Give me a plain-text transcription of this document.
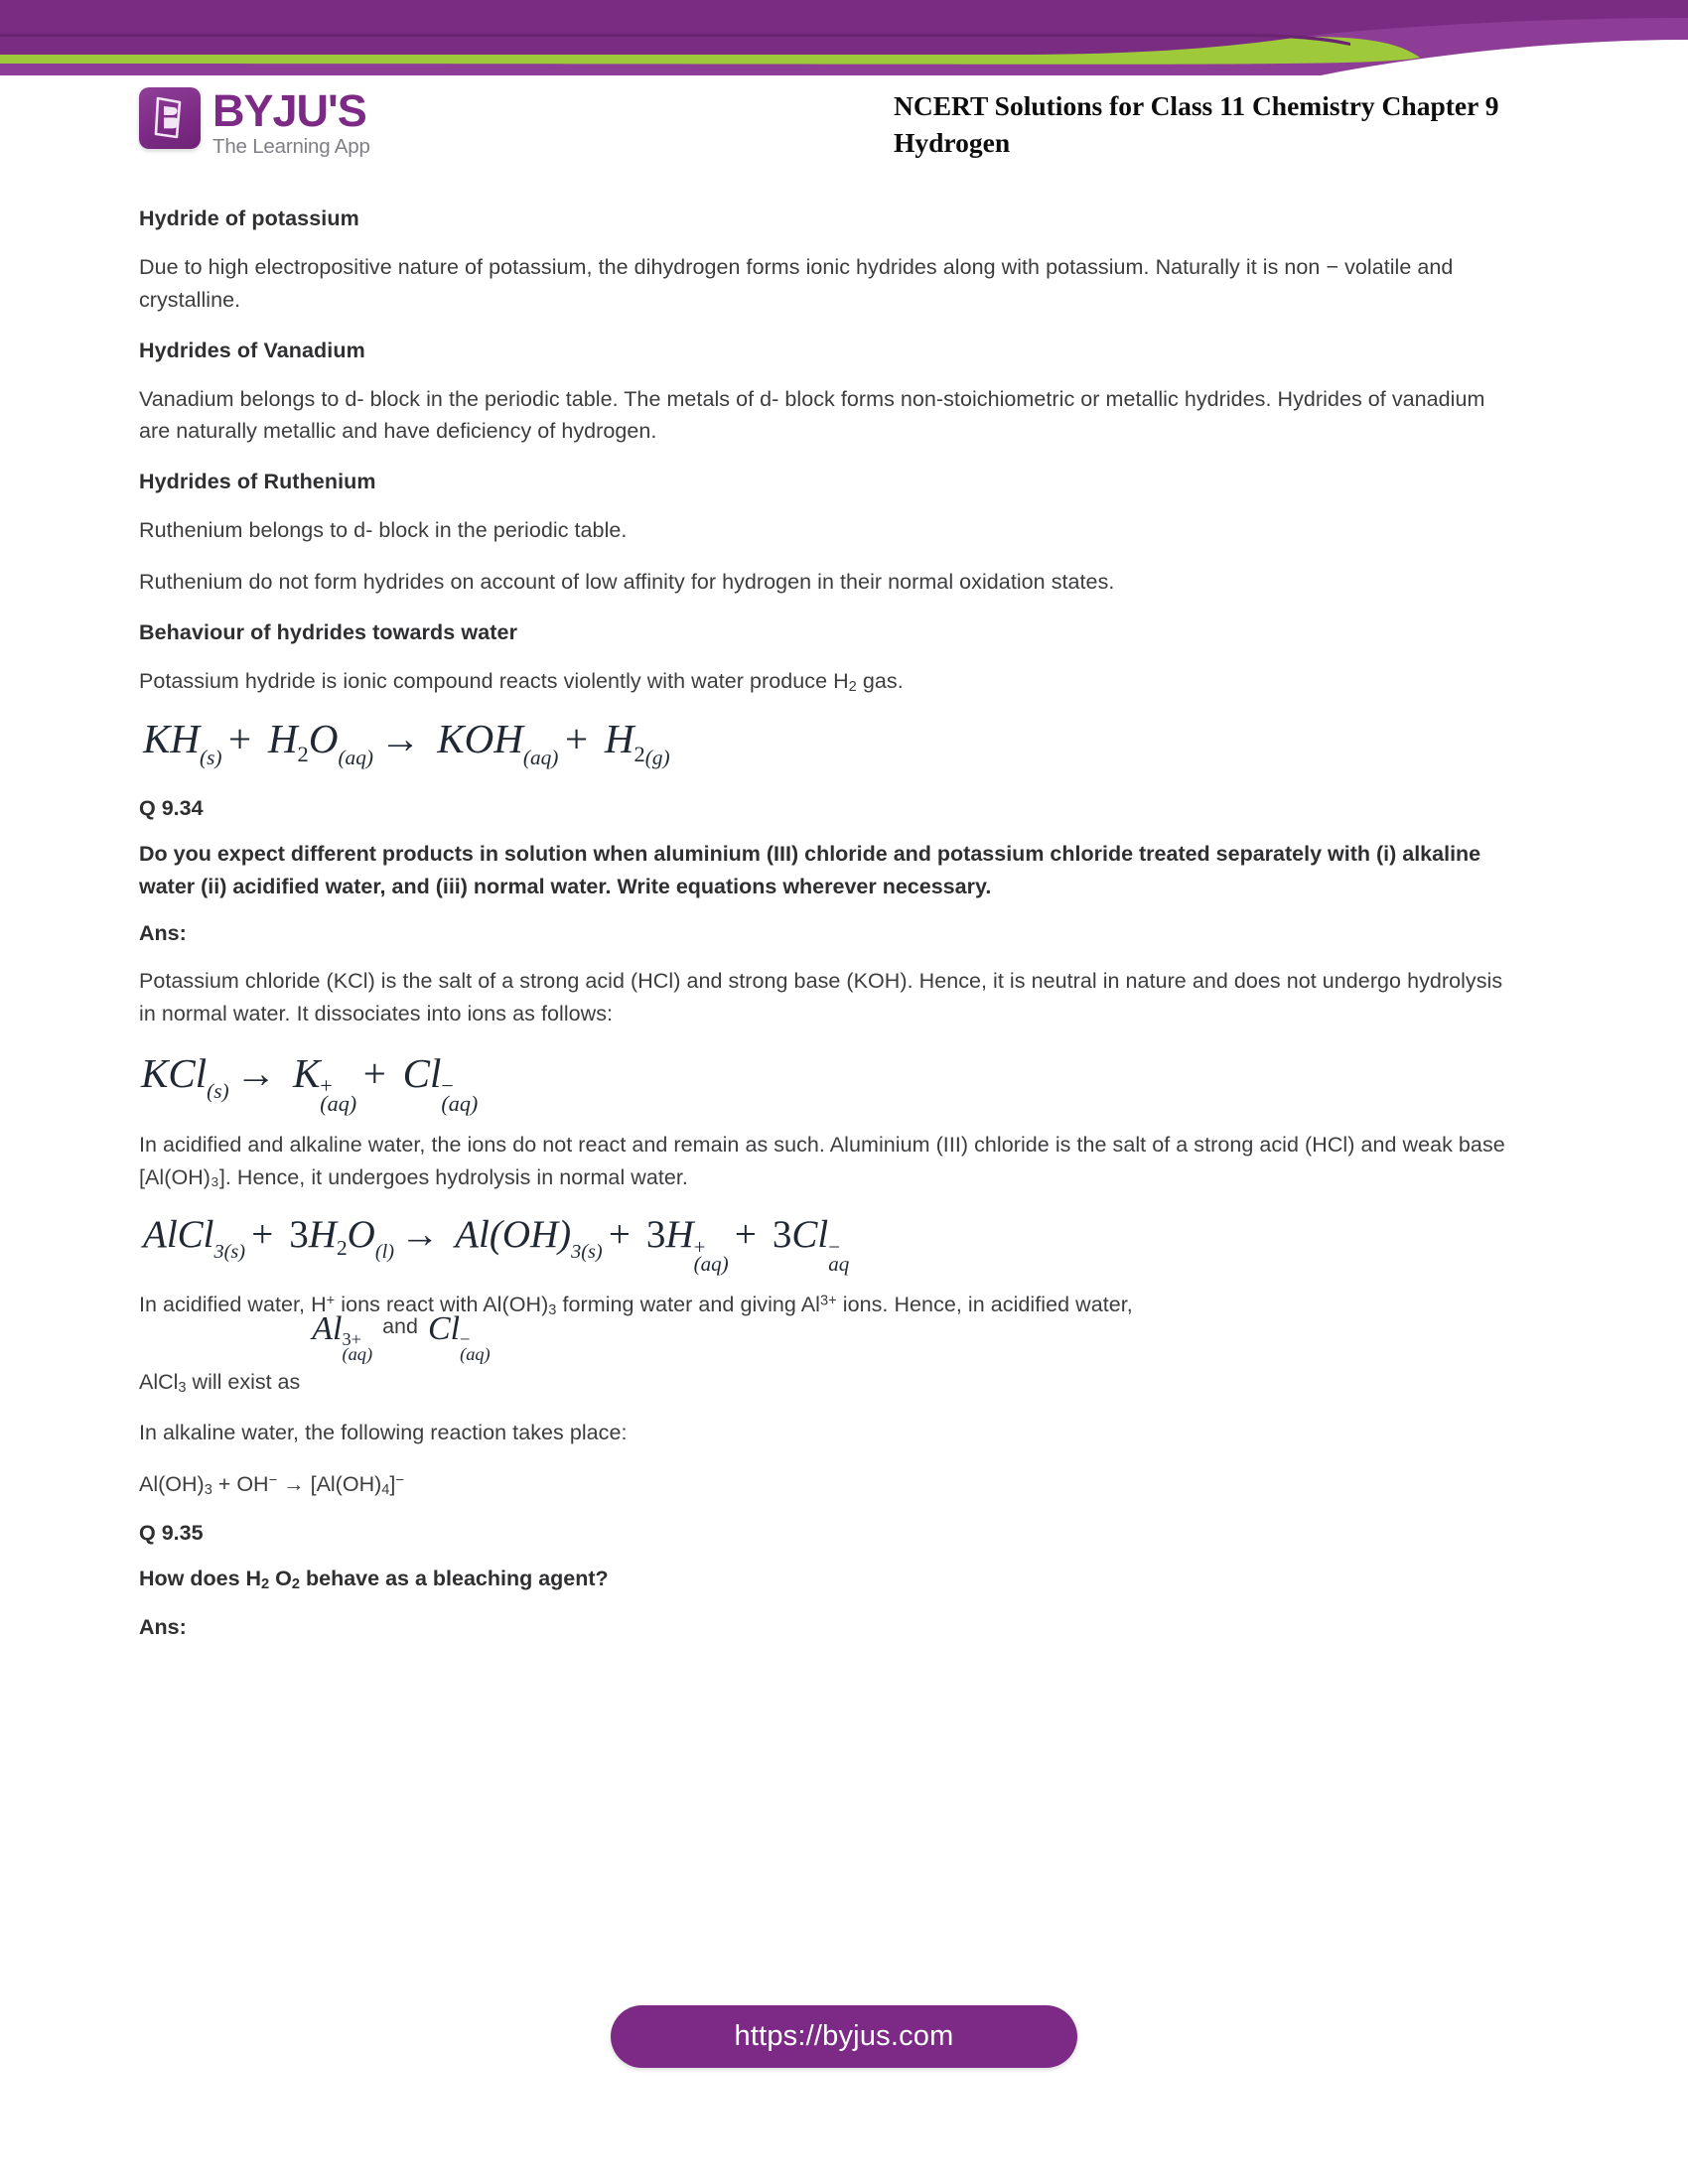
BYJU'S
The Learning App
NCERT Solutions for Class 11 Chemistry Chapter 9
Hydrogen

Hydride of potassium

Due to high electropositive nature of potassium, the dihydrogen forms ionic hydrides along with potassium. Naturally it is non − volatile and crystalline.

Hydrides of Vanadium

Vanadium belongs to d- block in the periodic table. The metals of d- block forms non-stoichiometric or metallic hydrides. Hydrides of vanadium are naturally metallic and have deficiency of hydrogen.

Hydrides of Ruthenium

Ruthenium belongs to d- block in the periodic table.

Ruthenium do not form hydrides on account of low affinity for hydrogen in their normal oxidation states.

Behaviour of hydrides towards water

Potassium hydride is ionic compound reacts violently with water produce $H_2$ gas.

KH(s) + H2O(aq) → KOH(aq) + H2(g)

Q 9.34

Do you expect different products in solution when aluminium (III) chloride and potassium chloride treated separately with (i) alkaline water (ii) acidified water, and (iii) normal water. Write equations wherever necessary.

Ans:

Potassium chloride (KCl) is the salt of a strong acid (HCl) and strong base (KOH). Hence, it is neutral in nature and does not undergo hydrolysis in normal water. It dissociates into ions as follows:

KCl(s) → K +
(aq)
+ Cl −
(aq)

In acidified and alkaline water, the ions do not react and remain as such. Aluminium (III) chloride is the salt of a strong acid (HCl) and weak base [Al(OH)₃]. Hence, it undergoes hydrolysis in normal water.

AlCl3(s) + 3H2O(l) → Al(OH)3(s) + 3H +
(aq)
+ 3Cl −
aq

In acidified water, H+ ions react with $Al(OH)_3$ forming water and giving $Al^{3+}$ ions. Hence, in acidified water,

AlCl$_3$ will exist as
Al 3+
(aq)
and Cl −
(aq)

In alkaline water, the following reaction takes place:

$Al(OH)_3 + OH^- \to [Al(OH)_4]^-$

Q 9.35

How does $H_2$ $O_2$ behave as a bleaching agent?

Ans:

https://byjus.com
